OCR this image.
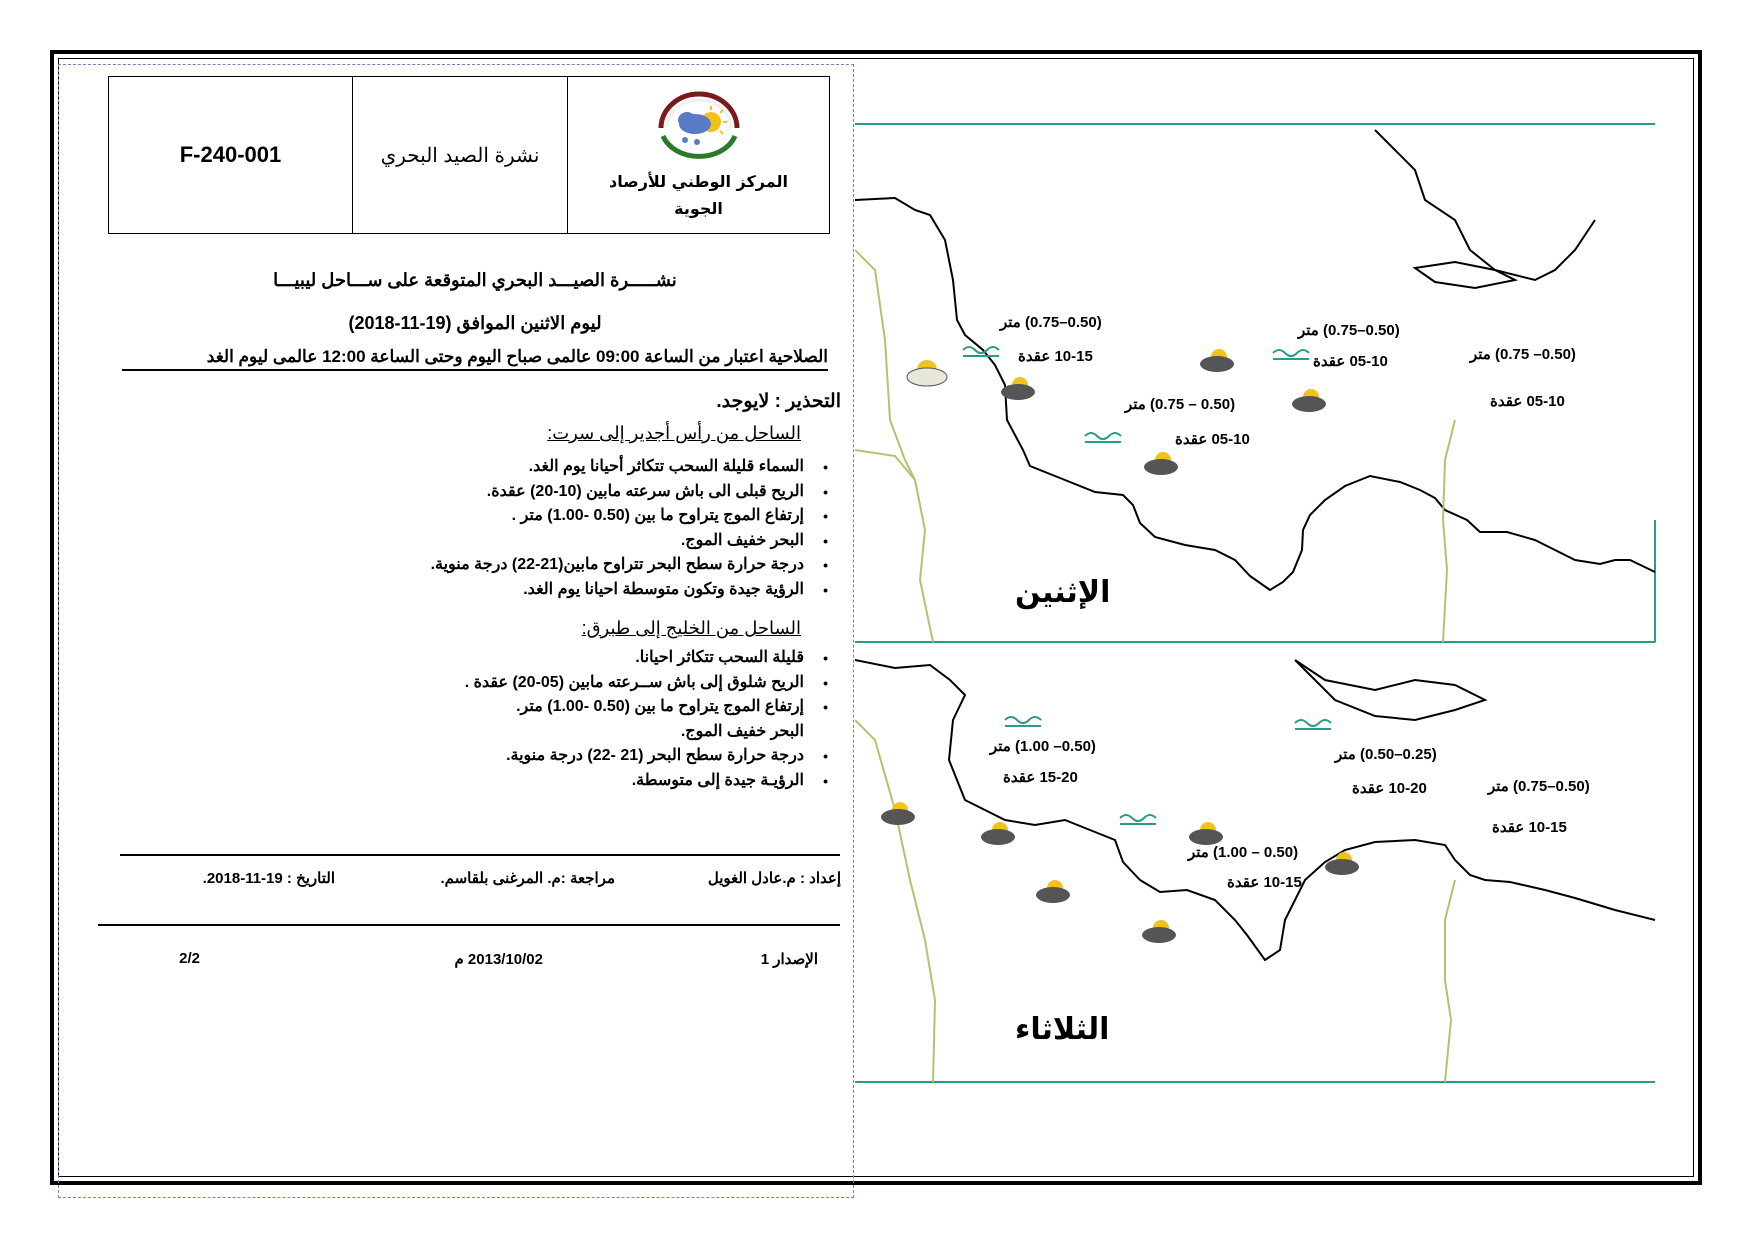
F-240-001	نشرة الصيد البحري
المركز الوطني للأرصاد
الجوية
نشـــــرة الصيـــد البحري المتوقعة على ســـاحل ليبيـــا
ليوم الاثنين الموافق (19-11-2018)
الصلاحية اعتبار من الساعة 09:00 عالمى صباح اليوم وحتى الساعة 12:00 عالمى ليوم الغد
التحذير : لايوجد.
الساحل من رأس أجدير إلى سرت:
• السماء قليلة السحب تتكاثر أحيانا يوم الغد.
• الريح قبلى الى باش سرعته مابين (10-20) عقدة.
• إرتفاع الموج يتراوح ما بين (0.50 -1.00) متر .
• البحر خفيف الموج.
• درجة حرارة سطح البحر تتراوح مابين(21-22) درجة منوية.
• الرؤية جيدة وتكون متوسطة احيانا يوم الغد.
الساحل من الخليج إلى طبرق:
• قليلة السحب تتكاثر احيانا.
• الريح شلوق إلى باش ســرعته مابين (05-20) عقدة .
• إرتفاع الموج يتراوح ما بين (0.50 -1.00) متر.
البحر خفيف الموج.
• درجة حرارة سطح البحر (21 -22) درجة منوية.
• الرؤيـة جيدة إلى متوسطة.
إعداد : م.عادل الغويل
مراجعة :م. المرغنى بلقاسم.
التاريخ : 19-11-2018.
الإصدار 1
2013/10/02 م
2/2
(0.50–0.75) متر
10-15 عقدة
(0.50 – 0.75) متر
05-10 عقدة
(0.50–0.75) متر
05-10 عقدة	(0.50– 0.75) متر
05-10 عقدة
الإثنين
(0.50– 1.00) متر
15-20 عقدة
(0.50 – 1.00) متر
10-15 عقدة
(0.25–0.50) متر
10-20 عقدة	(0.50–0.75) متر
10-15 عقدة
الثلاثاء
